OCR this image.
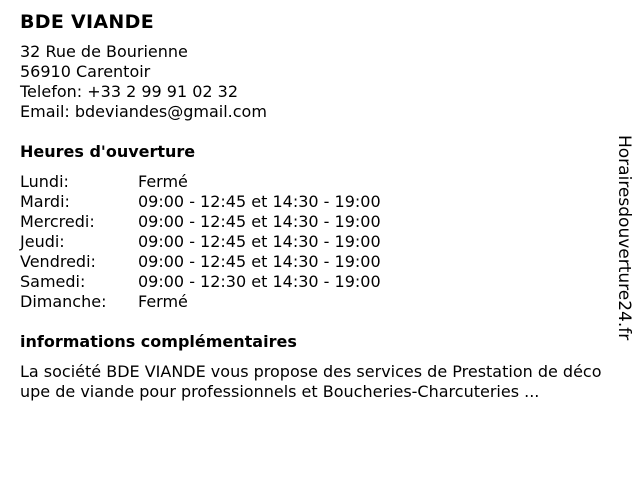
BDE VIANDE
32 Rue de Bourienne
56910 Carentoir
Telefon: +33 2 99 91 02 32
Email: bdeviandes@gmail.com
Heures d'ouverture
Lundi:	Fermé
Mardi:	09:00 - 12:45 et 14:30 - 19:00
Mercredi:	09:00 - 12:45 et 14:30 - 19:00
Jeudi:	09:00 - 12:45 et 14:30 - 19:00
Vendredi:	09:00 - 12:45 et 14:30 - 19:00
Samedi:	09:00 - 12:30 et 14:30 - 19:00
Dimanche:	Fermé
informations complémentaires
La société BDE VIANDE vous propose des services de Prestation de découpe de viande pour professionnels et Boucheries-Charcuteries ...
Horairesdouverture24.fr
